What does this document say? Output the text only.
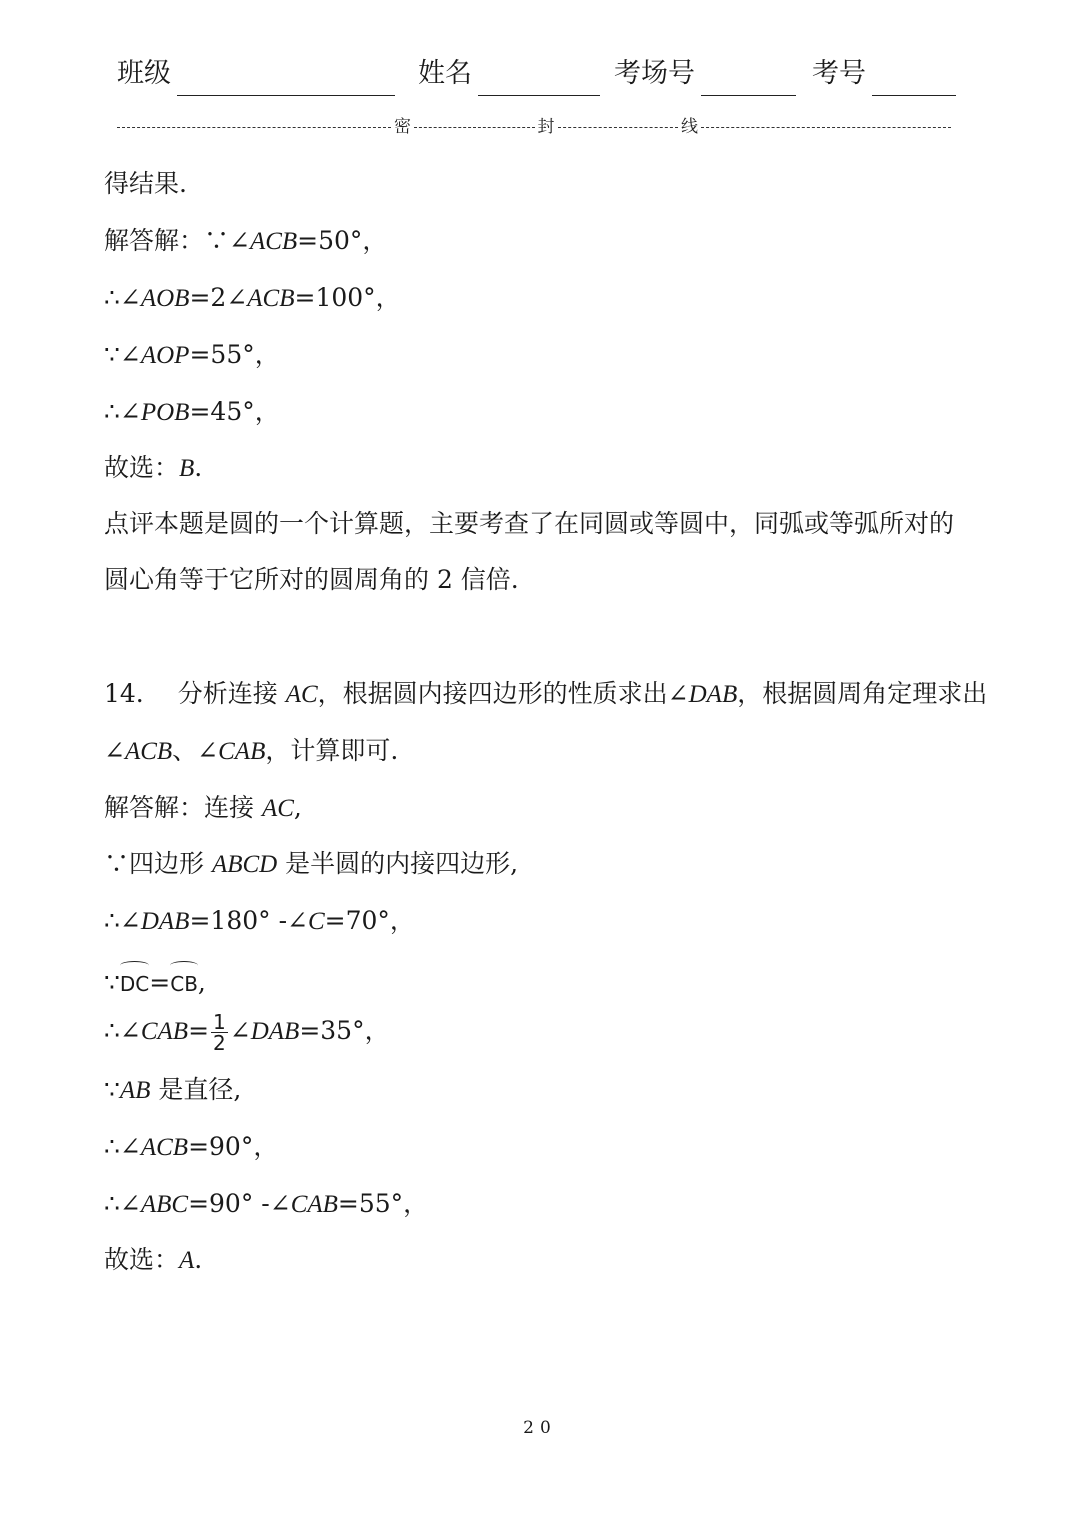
班级	姓名	考场号	考号
密	封	线
得结果.
解答解：∵∠ACB=50°，
∴∠AOB=2∠ACB=100°，
∵∠AOP=55°，
∴∠POB=45°，
故选：B.
点评本题是圆的一个计算题，主要考查了在同圆或等圆中，同弧或等弧所对的
圆心角等于它所对的圆周角的 2 信倍.
14. 分析连接 AC，根据圆内接四边形的性质求出∠DAB，根据圆周角定理求出
∠ACB、∠CAB，计算即可.
解答解：连接 AC,
∵四边形 ABCD 是半圆的内接四边形,
∴∠DAB=180° -∠C=70°，
∵DC=CB,
∴∠CAB= $\frac{1}{2}$ ∠DAB=35°，
∵AB 是直径,
∴∠ACB=90°，
∴∠ABC=90° -∠CAB=55°，
故选：A.
20
